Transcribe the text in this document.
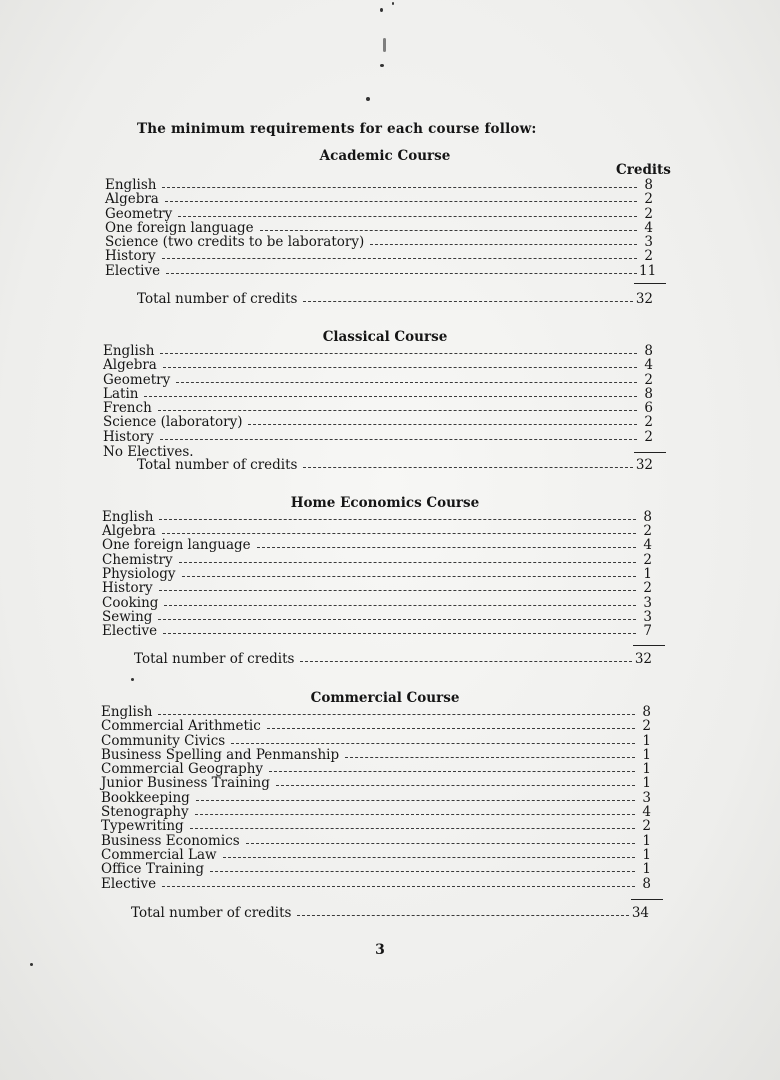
The minimum requirements for each course follow:
Credits
Academic Course
English	8
Algebra	2
Geometry	2
One foreign language	4
Science (two credits to be laboratory)	3
History	2
Elective	11
Total number of credits	32
Classical Course
English	8
Algebra	4
Geometry	2
Latin	8
French	6
Science (laboratory)	2
History	2
No Electives.
Total number of credits	32
Home Economics Course
English	8
Algebra	2
One foreign language	4
Chemistry	2
Physiology	1
History	2
Cooking	3
Sewing	3
Elective	7
Total number of credits	32
Commercial Course
English	8
Commercial Arithmetic	2
Community Civics	1
Business Spelling and Penmanship	1
Commercial Geography	1
Junior Business Training	1
Bookkeeping	3
Stenography	4
Typewriting	2
Business Economics	1
Commercial Law	1
Office Training	1
Elective	8
Total number of credits	34
3
